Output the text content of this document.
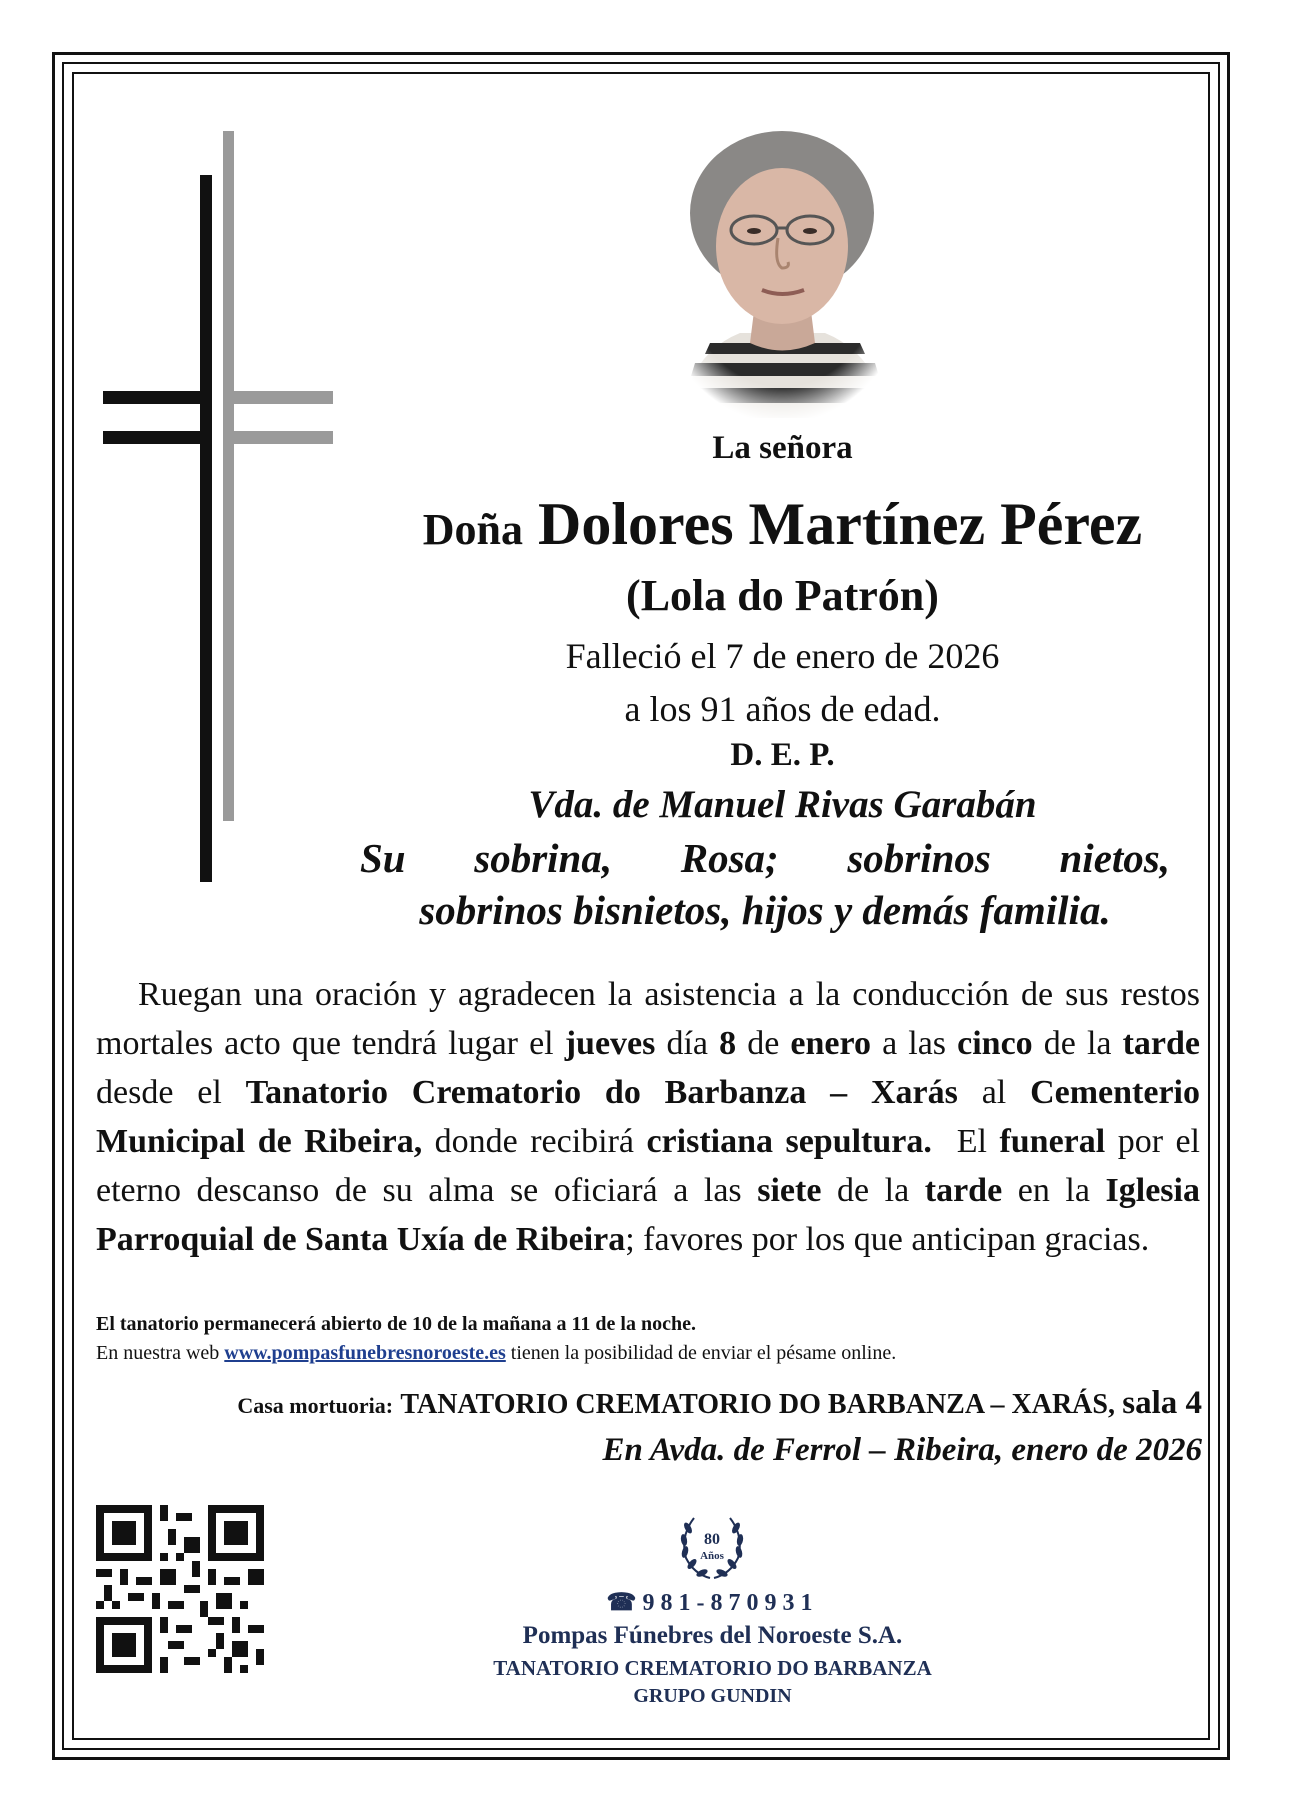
La señora
Doña Dolores Martínez Pérez
(Lola do Patrón)
Falleció el 7 de enero de 2026
a los 91 años de edad.
D. E. P.
Vda. de Manuel Rivas Garabán
Su sobrina, Rosa; sobrinos nietos,
sobrinos bisnietos, hijos y demás familia.
Ruegan una oración y agradecen la asistencia a la conducción de sus restos mortales acto que tendrá lugar el jueves día 8 de enero a las cinco de la tarde desde el Tanatorio Crematorio do Barbanza – Xarás al Cementerio Municipal de Ribeira, donde recibirá cristiana sepultura.  El funeral por el eterno descanso de su alma se oficiará a las siete de la tarde en la Iglesia Parroquial de Santa Uxía de Ribeira; favores por los que anticipan gracias.
El tanatorio permanecerá abierto de 10 de la mañana a 11 de la noche.
En nuestra web www.pompasfunebresnoroeste.es tienen la posibilidad de enviar el pésame online.
Casa mortuoria: TANATORIO CREMATORIO DO BARBANZA – XARÁS, sala 4
En Avda. de Ferrol – Ribeira, enero de 2026
80
Años
☎981-870931
Pompas Fúnebres del Noroeste S.A.
TANATORIO CREMATORIO DO BARBANZA
GRUPO GUNDIN
